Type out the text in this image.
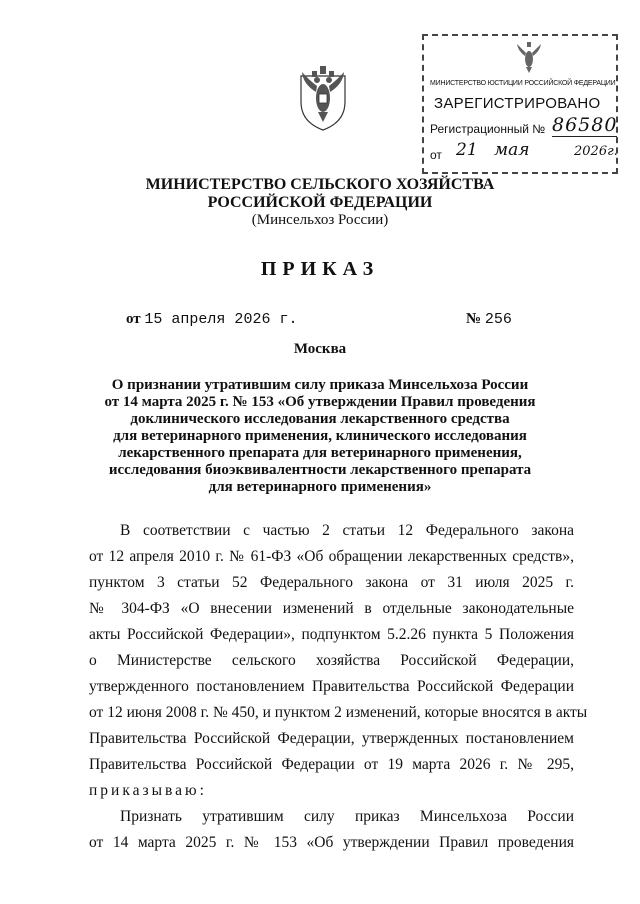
МИНИСТЕРСТВО ЮСТИЦИИ РОССИЙСКОЙ ФЕДЕРАЦИИ
ЗАРЕГИСТРИРОВАНО
Регистрационный № 86580
от 21 мая	2026г.
МИНИСТЕРСТВО СЕЛЬСКОГО ХОЗЯЙСТВА
РОССИЙСКОЙ ФЕДЕРАЦИИ
(Минсельхоз России)
ПРИКАЗ
от 15 апреля 2026 г.	№ 256
Москва
О признании утратившим силу приказа Минсельхоза России
от 14 марта 2025 г. № 153 «Об утверждении Правил проведения
доклинического исследования лекарственного средства
для ветеринарного применения, клинического исследования
лекарственного препарата для ветеринарного применения,
исследования биоэквивалентности лекарственного препарата
для ветеринарного применения»
В соответствии с частью 2 статьи 12 Федерального закона
от 12 апреля 2010 г. № 61-ФЗ «Об обращении лекарственных средств»,
пунктом 3 статьи 52 Федерального закона от 31 июля 2025 г.
№ 304-ФЗ «О внесении изменений в отдельные законодательные
акты Российской Федерации», подпунктом 5.2.26 пункта 5 Положения
о Министерстве сельского хозяйства Российской Федерации,
утвержденного постановлением Правительства Российской Федерации
от 12 июня 2008 г. № 450, и пунктом 2 изменений, которые вносятся в акты
Правительства Российской Федерации, утвержденных постановлением
Правительства Российской Федерации от 19 марта 2026 г. № 295,
приказываю:
Признать утратившим силу приказ Минсельхоза России
от 14 марта 2025 г. № 153 «Об утверждении Правил проведения
